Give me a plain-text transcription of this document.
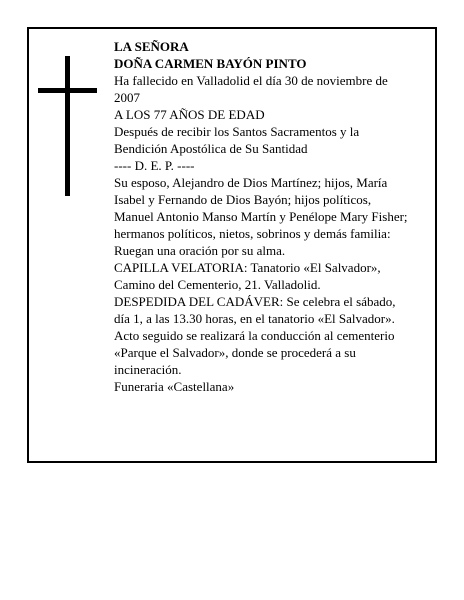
LA SEÑORA

DOÑA CARMEN BAYÓN PINTO

Ha fallecido en Valladolid el día 30 de noviembre de 2007

A LOS 77 AÑOS DE EDAD

Después de recibir los Santos Sacramentos y la Bendición Apostólica de Su Santidad

---- D. E. P. ----

Su esposo, Alejandro de Dios Martínez; hijos, María Isabel y Fernando de Dios Bayón; hijos políticos, Manuel Antonio Manso Martín y Penélope Mary Fisher; hermanos políticos, nietos, sobrinos y demás familia:

Ruegan una oración por su alma.

CAPILLA VELATORIA: Tanatorio «El Salvador», Camino del Cementerio, 21. Valladolid.

DESPEDIDA DEL CADÁVER: Se celebra el sábado, día 1, a las 13.30 horas, en el tanatorio «El Salvador». Acto seguido se realizará la conducción al cementerio «Parque el Salvador», donde se procederá a su incineración.

Funeraria «Castellana»
